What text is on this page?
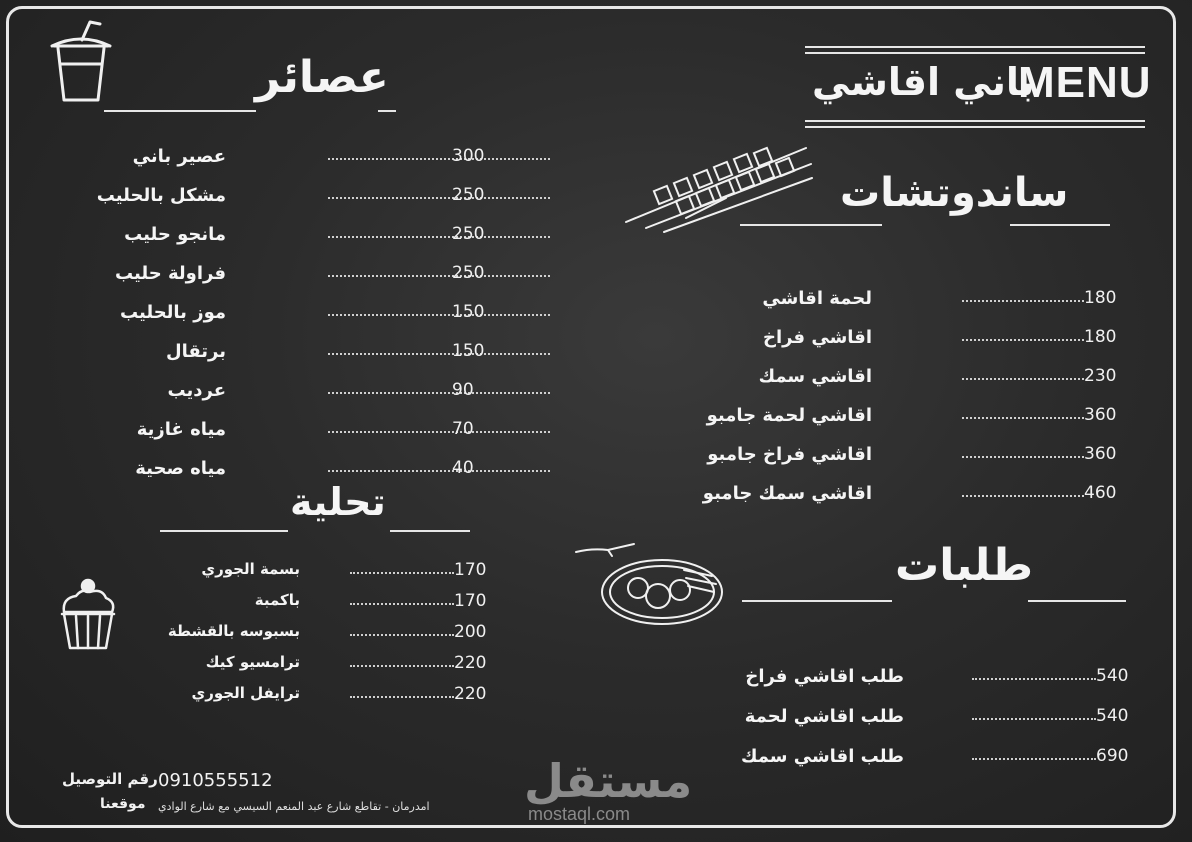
عصائر
عصير باني	300
مشكل بالحليب	250
مانجو حليب	250
فراولة حليب	250
موز بالحليب	150
برتقال	150
عرديب	90
مياه غازية	70
مياه صحية	40
تحلية
بسمة الجوري	170
باكمبة	170
بسبوسه بالقشطة	200
ترامسيو كيك	220
ترايفل الجوري	220
MENU
باني اقاشي
ساندوتشات
لحمة اقاشي	180
اقاشي فراخ	180
اقاشي سمك	230
اقاشي لحمة جامبو	360
اقاشي فراخ جامبو	360
اقاشي سمك جامبو	460
طلبات
طلب اقاشي فراخ	540
طلب اقاشي لحمة	540
طلب اقاشي سمك	690
رقم التوصيل 0910555512
موقعنا امدرمان - تقاطع شارع عبد المنعم السيسي مع شارع الوادي مستقل
mostaql.com
